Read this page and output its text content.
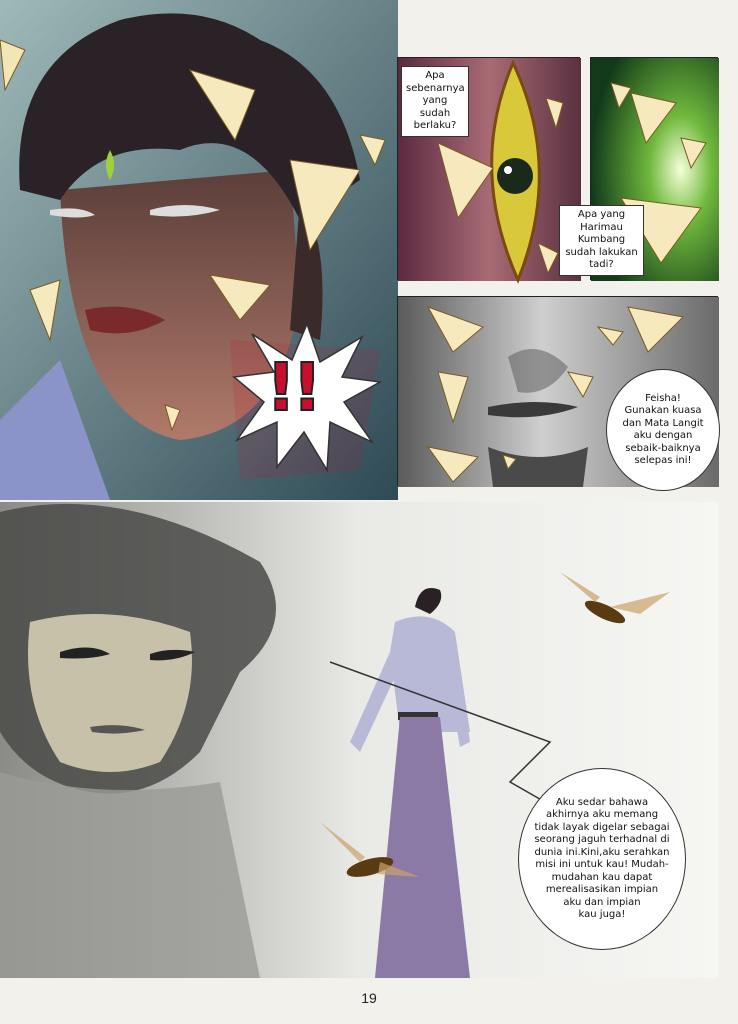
!!
Apa
sebenarnya
yang sudah
berlaku?
Apa yang
Harimau
Kumbang
sudah lakukan
tadi?
Feisha!
Gunakan kuasa
dan Mata Langit
aku dengan
sebaik-baiknya
selepas ini!
Aku sedar bahawa
akhirnya aku memang
tidak layak digelar sebagai
seorang jaguh terhadnal di
dunia ini.Kini,aku serahkan
misi ini untuk kau! Mudah-
mudahan kau dapat
merealisasikan impian
aku dan impian
kau juga!
19
